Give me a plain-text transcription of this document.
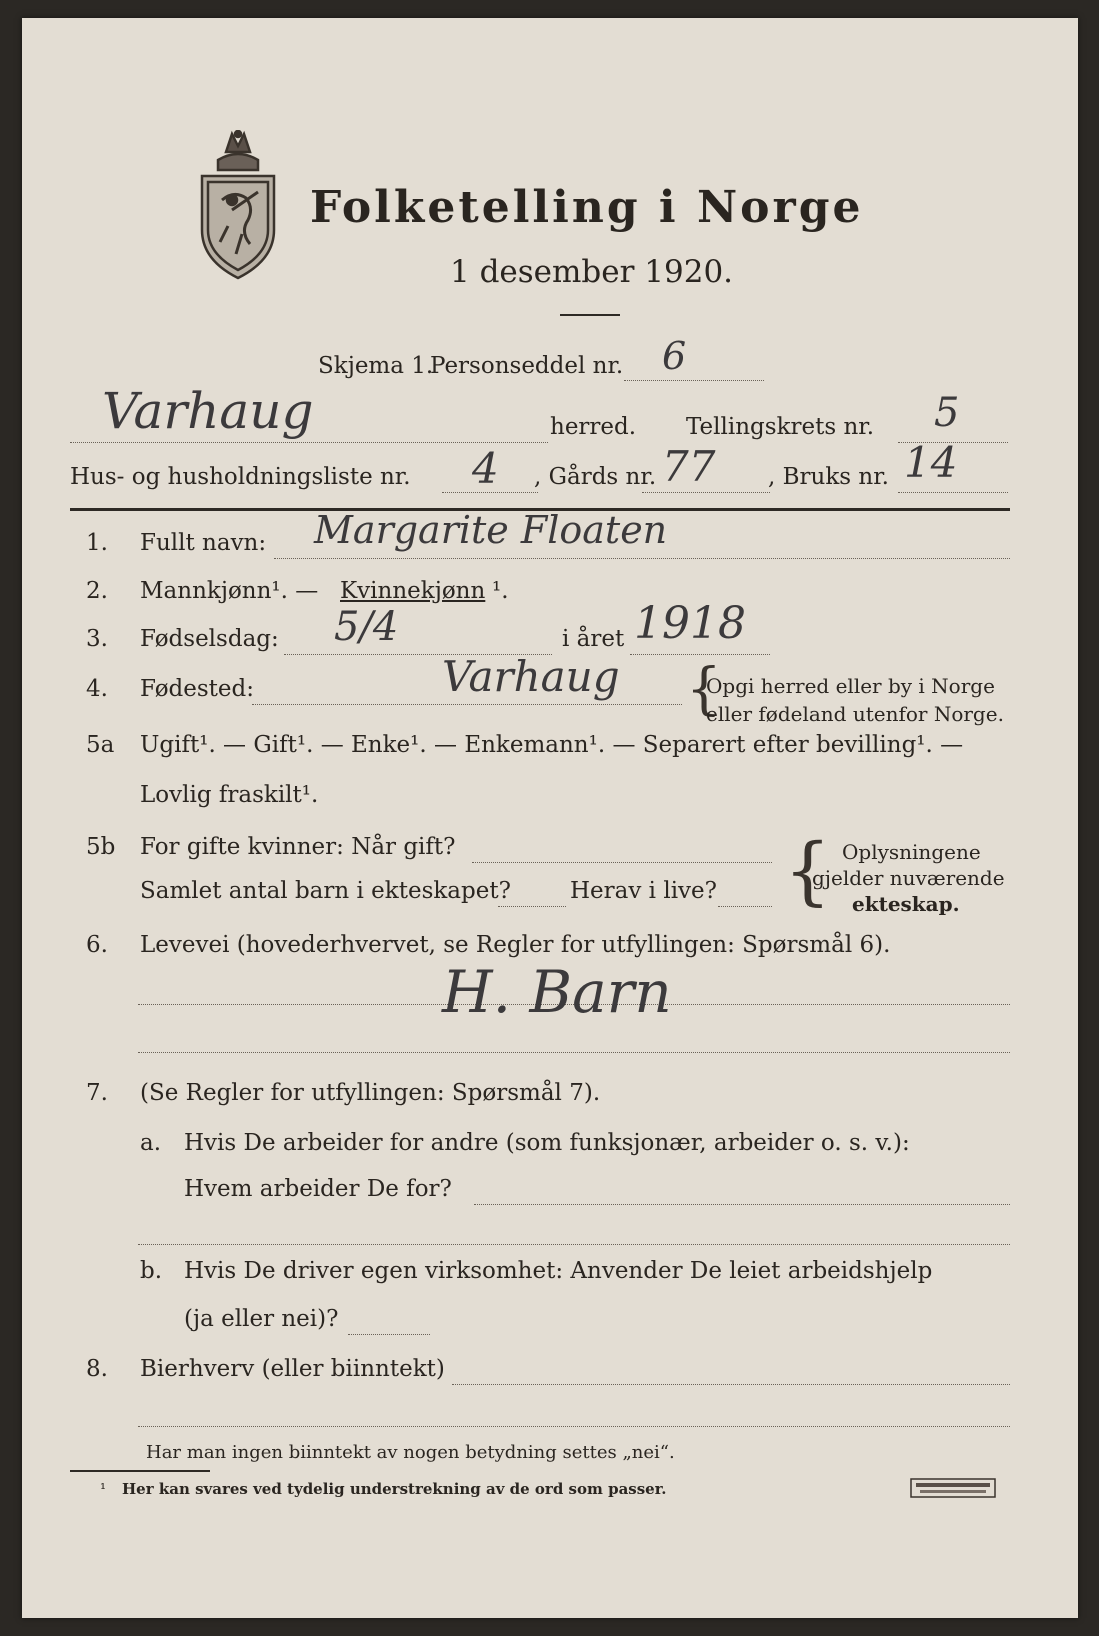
Folketelling i Norge
1 desember 1920.
Skjema 1.
Personseddel nr. 6
Varhaug	herred. Tellingskrets nr. 5
Hus- og husholdningsliste nr. 4 , Gårds nr. 77 , Bruks nr. 14
1. Fullt navn: Margarite Floaten
2. Mannkjønn¹. — Kvinnekjønn ¹.
3. Fødselsdag: 5/4	i året 1918
4. Fødested:	Varhaug {
Opgi herred eller by i Norge
eller fødeland utenfor Norge.
5a Ugift¹. — Gift¹. — Enke¹. — Enkemann¹. — Separert efter bevilling¹. —
Lovlig fraskilt¹.
5b For gifte kvinner: Når gift?
Samlet antal barn i ekteskapet?	Herav i live? { Oplysningene
gjelder nuværende
ekteskap.
6. Levevei (hovederhvervet, se Regler for utfyllingen: Spørsmål 6).
H. Barn
7. (Se Regler for utfyllingen: Spørsmål 7).
a. Hvis De arbeider for andre (som funksjonær, arbeider o. s. v.):
Hvem arbeider De for?
b. Hvis De driver egen virksomhet: Anvender De leiet arbeidshjelp
(ja eller nei)?
8. Bierhverv (eller biinntekt)
Har man ingen biinntekt av nogen betydning settes „nei“.
¹ Her kan svares ved tydelig understrekning av de ord som passer.
